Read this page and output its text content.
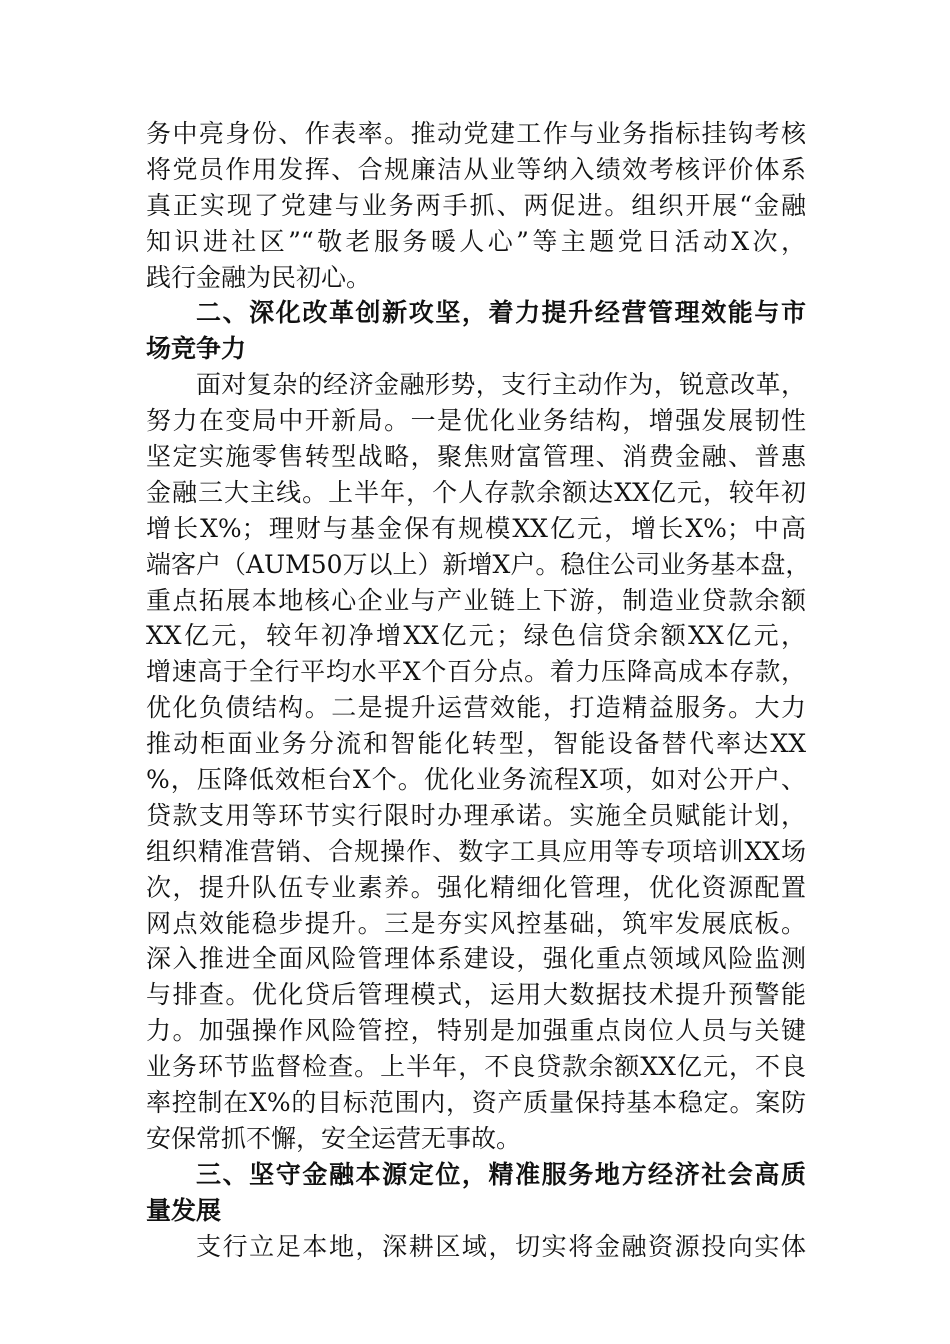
务中亮身份、作表率。推动党建工作与业务指标挂钩考核
将党员作用发挥、合规廉洁从业等纳入绩效考核评价体系
真正实现了党建与业务两手抓、两促进。组织开展“金融
知识进社区”“敬老服务暖人心”等主题党日活动X次，
践行金融为民初心。
二、深化改革创新攻坚，着力提升经营管理效能与市
场竞争力
面对复杂的经济金融形势，支行主动作为，锐意改革，
努力在变局中开新局。一是优化业务结构，增强发展韧性
坚定实施零售转型战略，聚焦财富管理、消费金融、普惠
金融三大主线。上半年，个人存款余额达XX亿元，较年初
增长X%；理财与基金保有规模XX亿元，增长X%；中高
端客户（AUM50万以上）新增X户。稳住公司业务基本盘，
重点拓展本地核心企业与产业链上下游，制造业贷款余额
XX亿元，较年初净增XX亿元；绿色信贷余额XX亿元，
增速高于全行平均水平X个百分点。着力压降高成本存款，
优化负债结构。二是提升运营效能，打造精益服务。大力
推动柜面业务分流和智能化转型，智能设备替代率达XX
%，压降低效柜台X个。优化业务流程X项，如对公开户、
贷款支用等环节实行限时办理承诺。实施全员赋能计划，
组织精准营销、合规操作、数字工具应用等专项培训XX场
次，提升队伍专业素养。强化精细化管理，优化资源配置
网点效能稳步提升。三是夯实风控基础，筑牢发展底板。
深入推进全面风险管理体系建设，强化重点领域风险监测
与排查。优化贷后管理模式，运用大数据技术提升预警能
力。加强操作风险管控，特别是加强重点岗位人员与关键
业务环节监督检查。上半年，不良贷款余额XX亿元，不良
率控制在X%的目标范围内，资产质量保持基本稳定。案防
安保常抓不懈，安全运营无事故。
三、坚守金融本源定位，精准服务地方经济社会高质
量发展
支行立足本地，深耕区域，切实将金融资源投向实体
